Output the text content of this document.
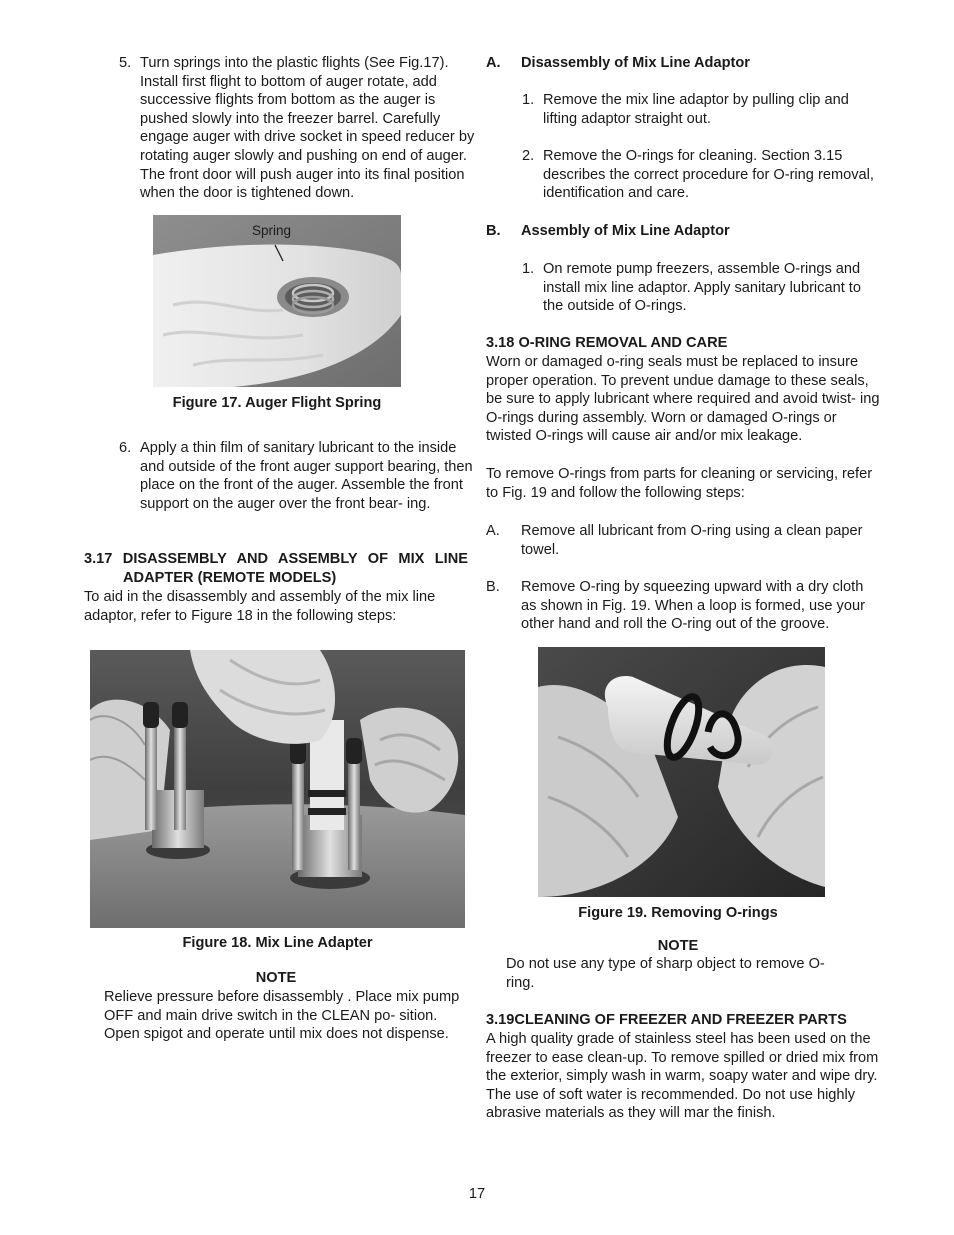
5. Turn springs into the plastic flights (See Fig.17). Install first flight to bottom of auger rotate, add successive flights from bottom as the auger is pushed slowly into the freezer barrel. Carefully engage auger with drive socket in speed reducer by rotating auger slowly and pushing on end of auger. The front door will push auger into its final position when the door is tightened down.

Spring
Figure 17. Auger Flight Spring
6. Apply a thin film of sanitary lubricant to the inside and outside of the front auger support bearing, then place on the front of the auger. Assemble the front support on the auger over the front bear- ing.

3.17 DISASSEMBLY AND ASSEMBLY OF MIX LINE
ADAPTER (REMOTE MODELS)

To aid in the disassembly and assembly of the mix line adaptor, refer to Figure 18 in the following steps:

Figure 18. Mix Line Adapter
NOTE

Relieve pressure before disassembly . Place mix pump OFF and main drive switch in the CLEAN po- sition. Open spigot and operate until mix does not dispense.

A. Disassembly of Mix Line Adaptor
1. Remove the mix line adaptor by pulling clip and lifting adaptor straight out.

2. Remove the O-rings for cleaning. Section 3.15 describes the correct procedure for O-ring removal, identification and care.

B. Assembly of Mix Line Adaptor
1. On remote pump freezers, assemble O-rings and install mix line adaptor. Apply sanitary lubricant to the outside of O-rings.

3.18 O-RING REMOVAL AND CARE

Worn or damaged o-ring seals must be replaced to insure proper operation. To prevent undue damage to these seals, be sure to apply lubricant where required and avoid twist- ing O-rings during assembly. Worn or damaged O-rings or twisted O-rings will cause air and/or mix leakage.

To remove O-rings from parts for cleaning or servicing, refer to Fig. 19 and follow the following steps:

A. Remove all lubricant from O-ring using a clean paper towel.

B. Remove O-ring by squeezing upward with a dry cloth as shown in Fig. 19. When a loop is formed, use your other hand and roll the O-ring out of the groove.

Figure 19. Removing O-rings
NOTE

Do not use any type of sharp object to remove O-ring.

3.19CLEANING OF FREEZER AND FREEZER PARTS

A high quality grade of stainless steel has been used on the freezer to ease clean-up. To remove spilled or dried mix from the exterior, simply wash in warm, soapy water and wipe dry. The use of soft water is recommended. Do not use highly abrasive materials as they will mar the finish.

17
